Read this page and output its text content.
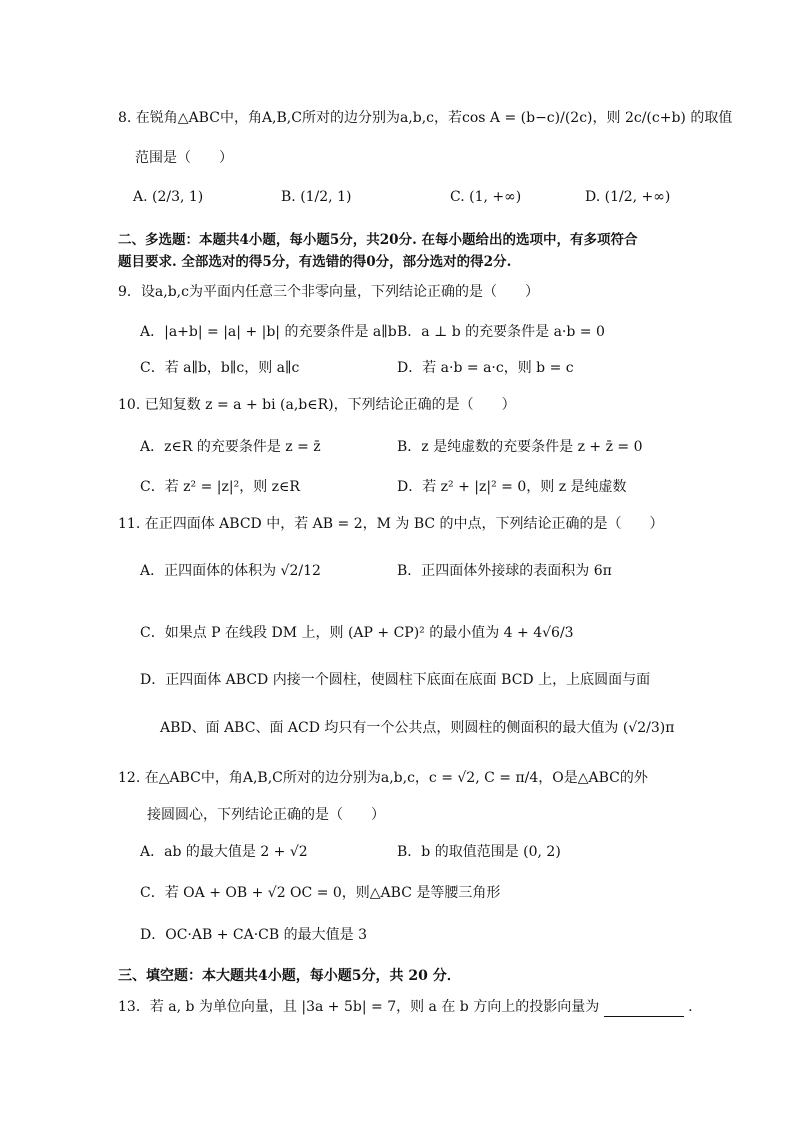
8. 在锐角△ABC中，角A,B,C所对的边分别为a,b,c，若cos A = (b−c)/(2c)，则 2c/(c+b) 的取值
范围是（　　）
A. (2/3, 1)	B. (1/2, 1)	C. (1, +∞)	D. (1/2, +∞)
二、多选题：本题共4小题，每小题5分，共20分. 在每小题给出的选项中，有多项符合
题目要求. 全部选对的得5分，有选错的得0分，部分选对的得2分.
9．设a,b,c为平面内任意三个非零向量，下列结论正确的是（　　）
A．|a+b| = |a| + |b| 的充要条件是 a∥b B．a ⊥ b 的充要条件是 a·b = 0
C．若 a∥b，b∥c，则 a∥c	D．若 a·b = a·c，则 b = c
10. 已知复数 z = a + bi (a,b∈R)，下列结论正确的是（　　）
A．z∈R 的充要条件是 z = z̄	B．z 是纯虚数的充要条件是 z + z̄ = 0
C．若 z² = |z|²，则 z∈R	D．若 z² + |z|² = 0，则 z 是纯虚数
11. 在正四面体 ABCD 中，若 AB = 2，M 为 BC 的中点，下列结论正确的是（　　）
A．正四面体的体积为 √2/12	B．正四面体外接球的表面积为 6π
C．如果点 P 在线段 DM 上，则 (AP + CP)² 的最小值为 4 + 4√6/3
D．正四面体 ABCD 内接一个圆柱，使圆柱下底面在底面 BCD 上，上底圆面与面
ABD、面 ABC、面 ACD 均只有一个公共点，则圆柱的侧面积的最大值为 (√2/3)π
12. 在△ABC中，角A,B,C所对的边分别为a,b,c，c = √2, C = π/4，O是△ABC的外
接圆圆心，下列结论正确的是（　　）
A．ab 的最大值是 2 + √2	B．b 的取值范围是 (0, 2)
C．若 OA + OB + √2 OC = 0，则△ABC 是等腰三角形
D．OC·AB + CA·CB 的最大值是 3
三、填空题：本大题共4小题，每小题5分，共 20 分．
13．若 a, b 为单位向量，且 |3a + 5b| = 7，则 a 在 b 方向上的投影向量为	.
